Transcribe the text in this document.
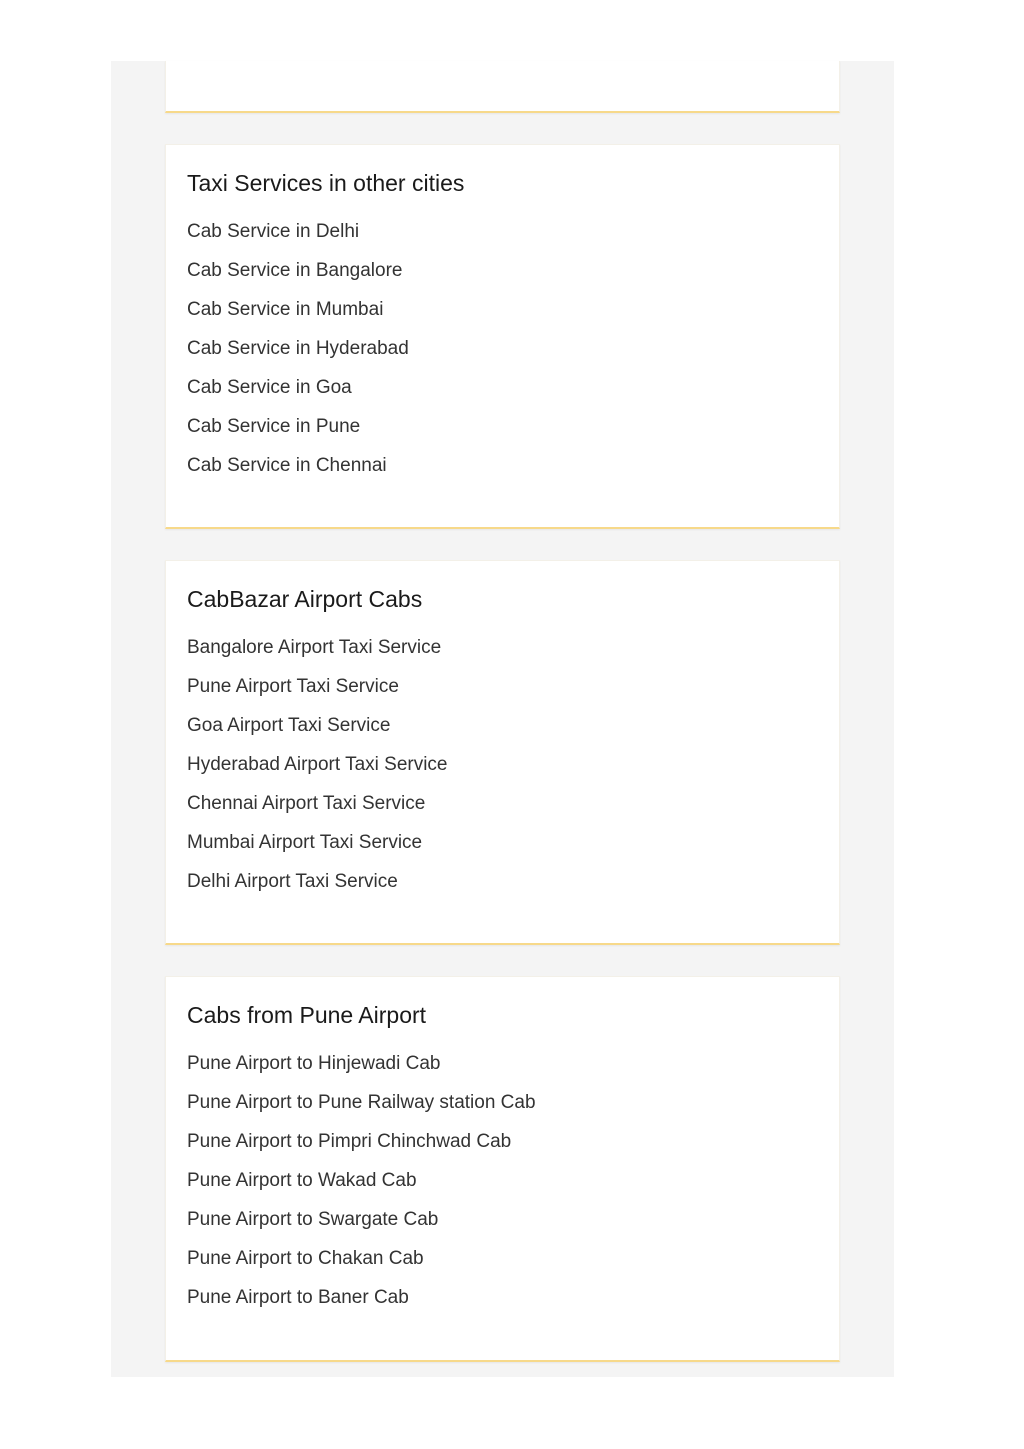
Taxi Services in other cities
Cab Service in Delhi
Cab Service in Bangalore
Cab Service in Mumbai
Cab Service in Hyderabad
Cab Service in Goa
Cab Service in Pune
Cab Service in Chennai
CabBazar Airport Cabs
Bangalore Airport Taxi Service
Pune Airport Taxi Service
Goa Airport Taxi Service
Hyderabad Airport Taxi Service
Chennai Airport Taxi Service
Mumbai Airport Taxi Service
Delhi Airport Taxi Service
Cabs from Pune Airport
Pune Airport to Hinjewadi Cab
Pune Airport to Pune Railway station Cab
Pune Airport to Pimpri Chinchwad Cab
Pune Airport to Wakad Cab
Pune Airport to Swargate Cab
Pune Airport to Chakan Cab
Pune Airport to Baner Cab
